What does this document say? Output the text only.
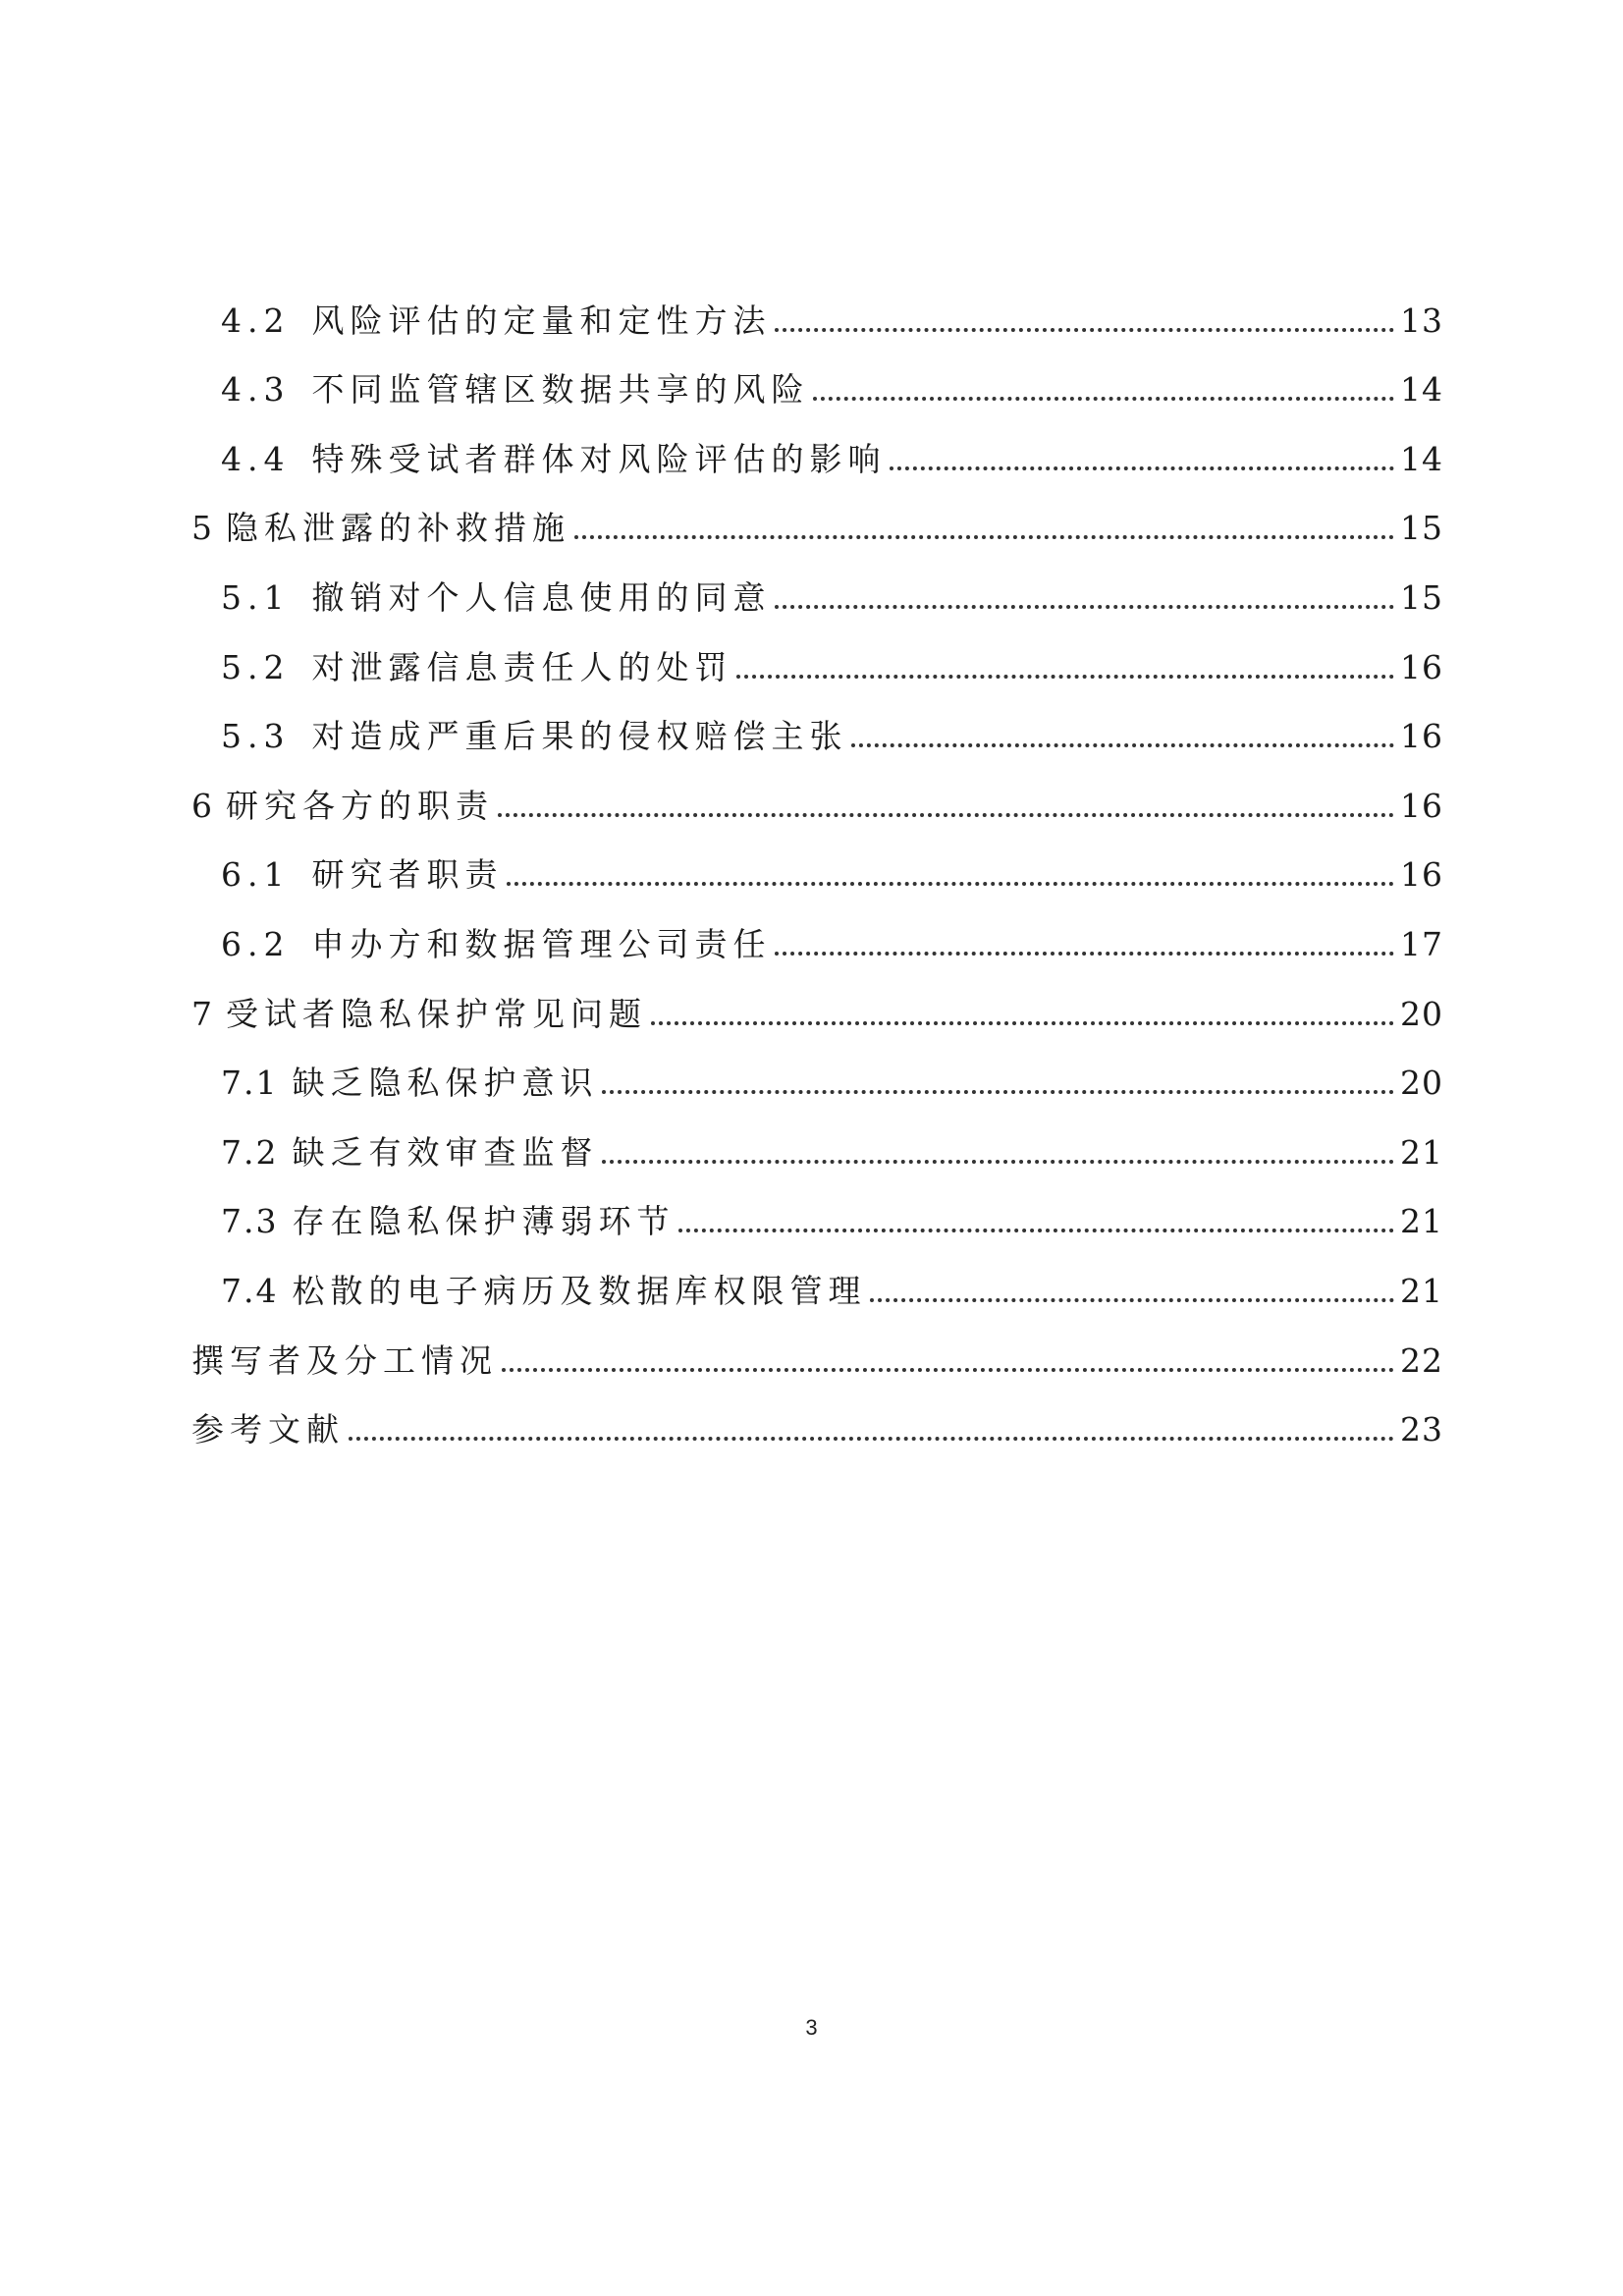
4.2 风险评估的定量和定性方法	13
4.3 不同监管辖区数据共享的风险	14
4.4 特殊受试者群体对风险评估的影响	14
5 隐私泄露的补救措施	15
5.1 撤销对个人信息使用的同意	15
5.2 对泄露信息责任人的处罚	16
5.3 对造成严重后果的侵权赔偿主张	16
6 研究各方的职责	16
6.1 研究者职责	16
6.2 申办方和数据管理公司责任	17
7 受试者隐私保护常见问题	20
7.1 缺乏隐私保护意识	20
7.2 缺乏有效审查监督	21
7.3 存在隐私保护薄弱环节	21
7.4 松散的电子病历及数据库权限管理	21
撰写者及分工情况	22
参考文献	23
3
